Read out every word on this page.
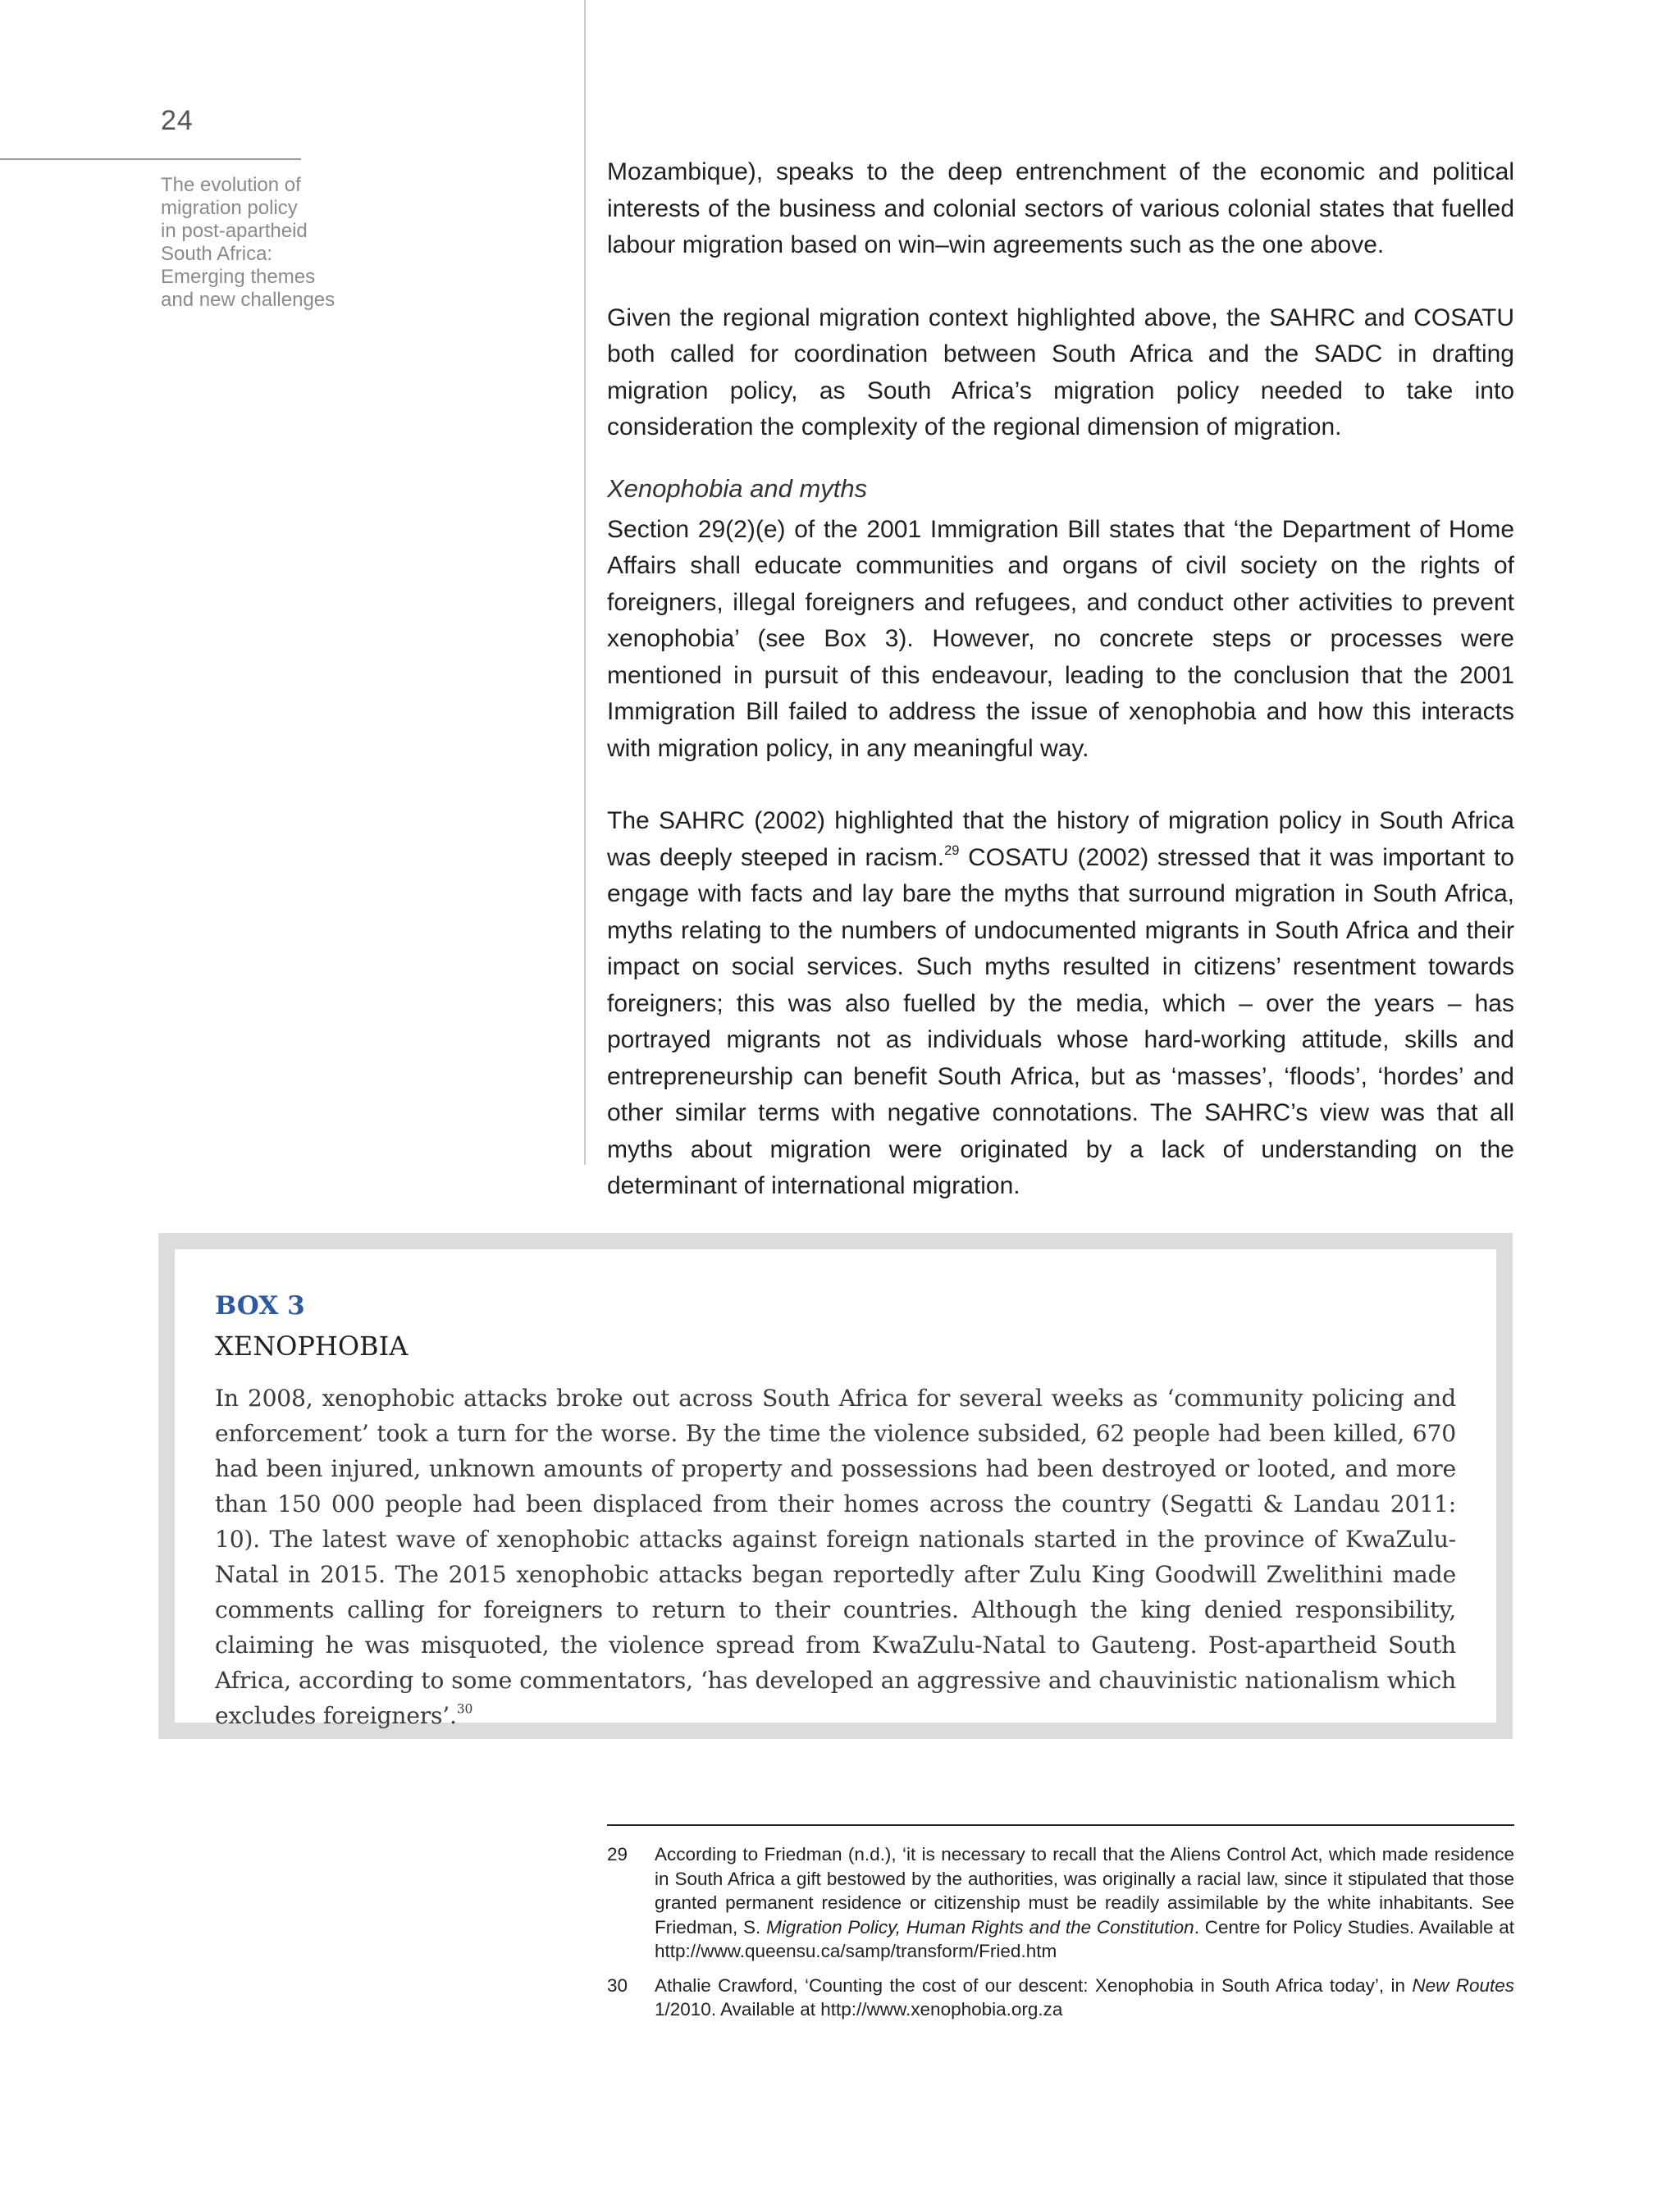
24
The evolution of
migration policy
in post-apartheid
South Africa:
Emerging themes
and new challenges

Mozambique), speaks to the deep entrenchment of the economic and political interests of the business and colonial sectors of various colonial states that fuelled labour migration based on win–win agreements such as the one above.

Given the regional migration context highlighted above, the SAHRC and COSATU both called for coordination between South Africa and the SADC in drafting migration policy, as South Africa’s migration policy needed to take into consideration the complexity of the regional dimension of migration.

Xenophobia and myths

Section 29(2)(e) of the 2001 Immigration Bill states that ‘the Department of Home Affairs shall educate communities and organs of civil society on the rights of foreigners, illegal foreigners and refugees, and conduct other activities to prevent xenophobia’ (see Box 3). However, no concrete steps or processes were mentioned in pursuit of this endeavour, leading to the conclusion that the 2001 Immigration Bill failed to address the issue of xenophobia and how this interacts with migration policy, in any meaningful way.

The SAHRC (2002) highlighted that the history of migration policy in South Africa was deeply steeped in racism.$^{29}$ COSATU (2002) stressed that it was important to engage with facts and lay bare the myths that surround migration in South Africa, myths relating to the numbers of undocumented migrants in South Africa and their impact on social services. Such myths resulted in citizens’ resentment towards foreigners; this was also fuelled by the media, which – over the years – has portrayed migrants not as individuals whose hard-working attitude, skills and entrepreneurship can benefit South Africa, but as ‘masses’, ‘floods’, ‘hordes’ and other similar terms with negative connotations. The SAHRC’s view was that all myths about migration were originated by a lack of understanding on the determinant of international migration.

BOX 3
XENOPHOBIA

In 2008, xenophobic attacks broke out across South Africa for several weeks as ‘community policing and enforcement’ took a turn for the worse. By the time the violence subsided, 62 people had been killed, 670 had been injured, unknown amounts of property and possessions had been destroyed or looted, and more than 150 000 people had been displaced from their homes across the country (Segatti & Landau 2011: 10). The latest wave of xenophobic attacks against foreign nationals started in the province of KwaZulu-Natal in 2015. The 2015 xenophobic attacks began reportedly after Zulu King Goodwill Zwelithini made comments calling for foreigners to return to their countries. Although the king denied responsibility, claiming he was misquoted, the violence spread from KwaZulu-Natal to Gauteng. Post-apartheid South Africa, according to some commentators, ‘has developed an aggressive and chauvinistic nationalism which excludes foreigners’.$^{30}$

29 According to Friedman (n.d.), ‘it is necessary to recall that the Aliens Control Act, which made residence in South Africa a gift bestowed by the authorities, was originally a racial law, since it stipulated that those granted permanent residence or citizenship must be readily assimilable by the white inhabitants. See Friedman, S. Migration Policy, Human Rights and the Constitution. Centre for Policy Studies. Available at http://www.queensu.ca/samp/transform/Fried.htm
30 Athalie Crawford, ‘Counting the cost of our descent: Xenophobia in South Africa today’, in New Routes 1/2010. Available at http://www.xenophobia.org.za
